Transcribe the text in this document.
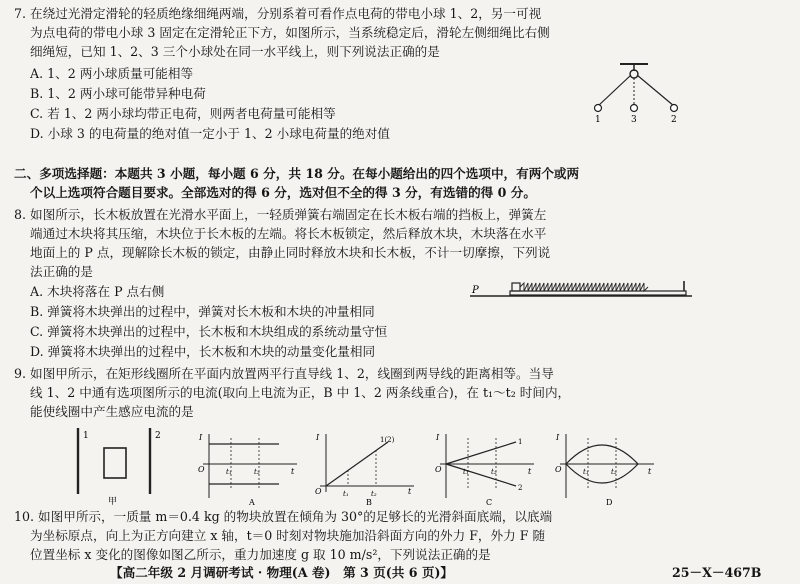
7. 在绕过光滑定滑轮的轻质绝缘细绳两端，分别系着可看作点电荷的带电小球 1、2，另一可视
为点电荷的带电小球 3 固定在定滑轮正下方，如图所示，当系统稳定后，滑轮左侧细绳比右侧
细绳短，已知 1、2、3 三个小球处在同一水平线上，则下列说法正确的是
A. 1、2 两小球质量可能相等
B. 1、2 两小球可能带异种电荷
C. 若 1、2 两小球均带正电荷，则两者电荷量可能相等
D. 小球 3 的电荷量的绝对值一定小于 1、2 小球电荷量的绝对值
1	3	2
二、多项选择题：本题共 3 小题，每小题 6 分，共 18 分。在每小题给出的四个选项中，有两个或两
个以上选项符合题目要求。全部选对的得 6 分，选对但不全的得 3 分，有选错的得 0 分。
8. 如图所示，长木板放置在光滑水平面上，一轻质弹簧右端固定在长木板右端的挡板上，弹簧左
端通过木块将其压缩，木块位于长木板的左端。将长木板锁定，然后释放木块，木块落在水平
地面上的 P 点，现解除长木板的锁定，由静止同时释放木块和长木板，不计一切摩擦，下列说
法正确的是
A. 木块将落在 P 点右侧
B. 弹簧将木块弹出的过程中，弹簧对长木板和木块的冲量相同
C. 弹簧将木块弹出的过程中，长木板和木块组成的系统动量守恒
D. 弹簧将木块弹出的过程中，长木板和木块的动量变化量相同
P
9. 如图甲所示，在矩形线圈所在平面内放置两平行直导线 1、2，线圈到两导线的距离相等。当导
线 1、2 中通有选项图所示的电流(取向上电流为正，B 中 1、2 两条线重合)，在 t₁～t₂ 时间内，
能使线圈中产生感应电流的是
1	2
甲
I
t
O	t₁	t₂
A
I
t
O
1(2)
t₁	t₂
B
I
t
O
1
2
t₁	t₂
C
I
t
O	t₁	t₂
D
10. 如图甲所示，一质量 m＝0.4 kg 的物块放置在倾角为 30°的足够长的光滑斜面底端，以底端
为坐标原点，向上为正方向建立 x 轴，t＝0 时刻对物块施加沿斜面方向的外力 F，外力 F 随
位置坐标 x 变化的图像如图乙所示，重力加速度 g 取 10 m/s²，下列说法正确的是
【高二年级 2 月调研考试 · 物理(A 卷)　第 3 页(共 6 页)】	25－X－467B
